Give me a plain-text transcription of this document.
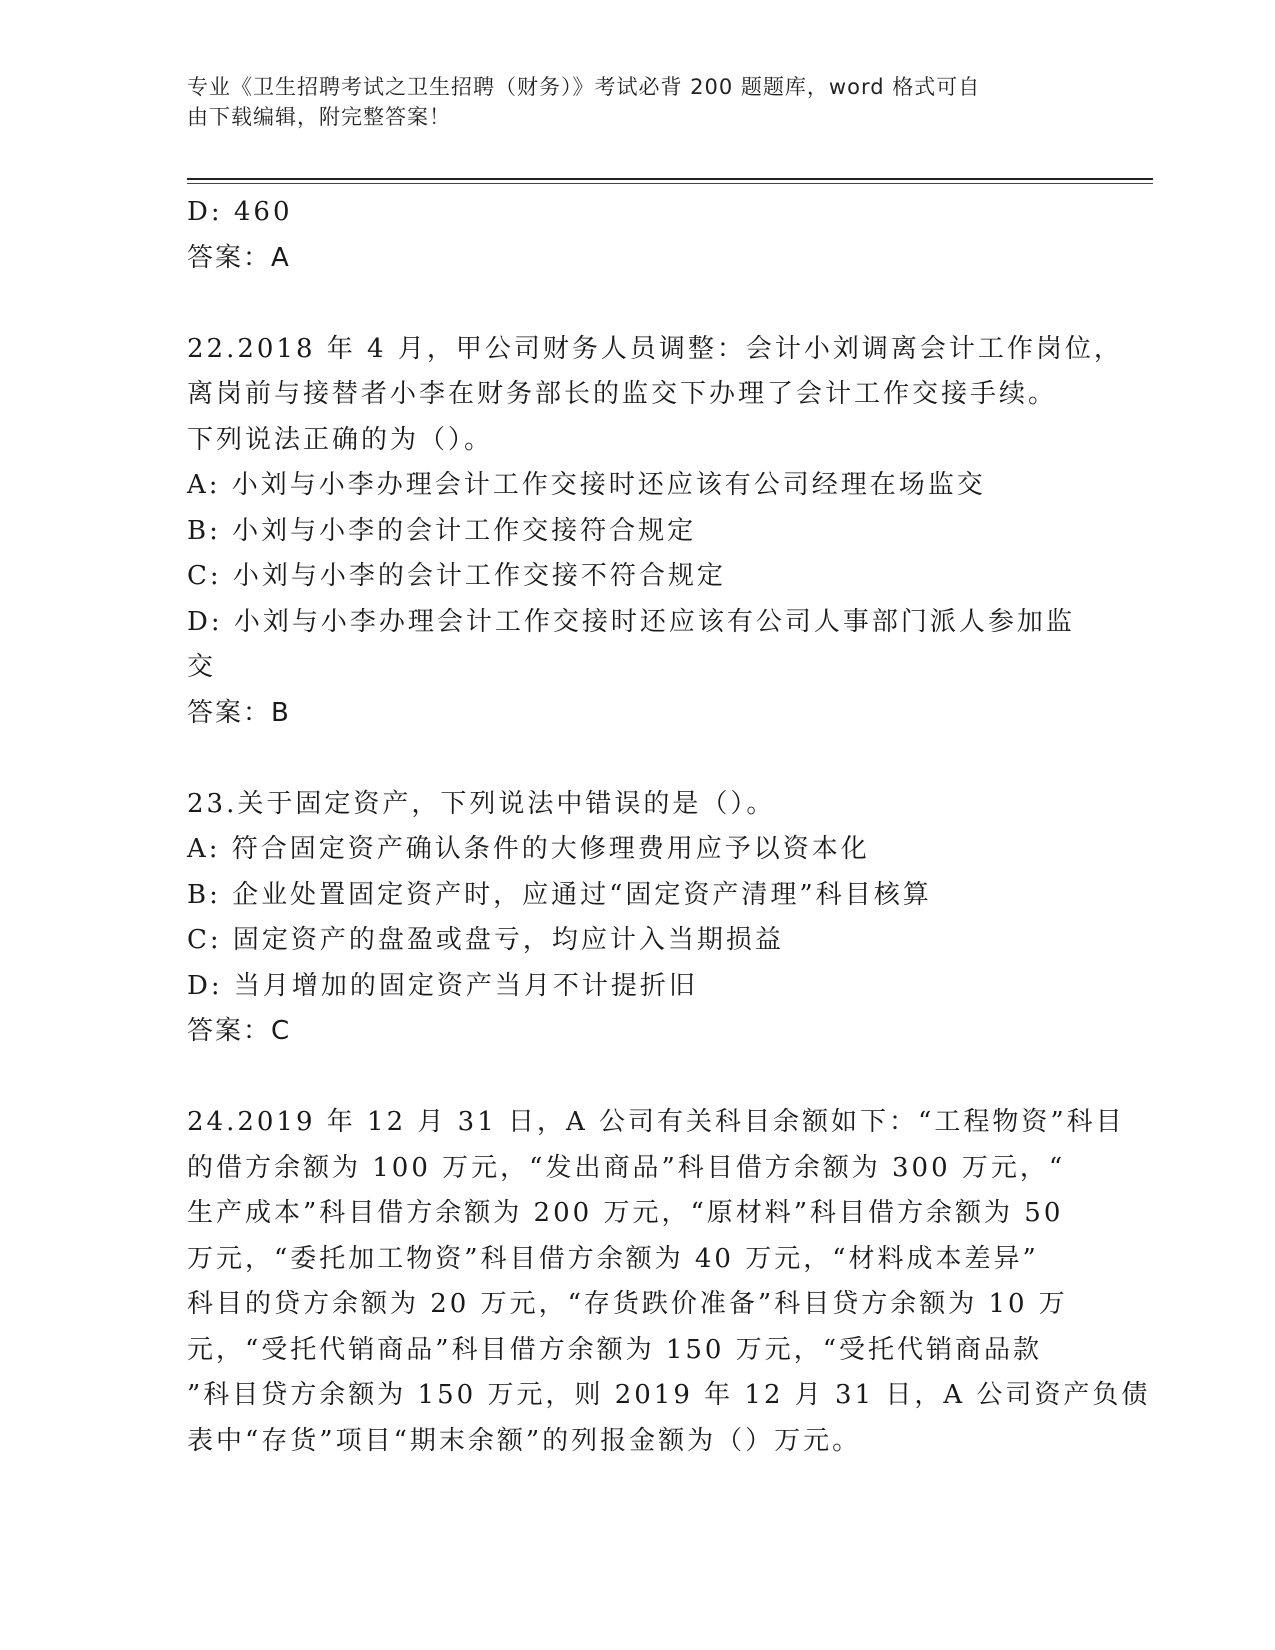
专业《卫生招聘考试之卫生招聘（财务）》考试必背 200 题题库，word 格式可自
由下载编辑，附完整答案！
D: 460
答案：A
22.2018 年 4 月，甲公司财务人员调整：会计小刘调离会计工作岗位，
离岗前与接替者小李在财务部长的监交下办理了会计工作交接手续。
下列说法正确的为（）。
A: 小刘与小李办理会计工作交接时还应该有公司经理在场监交
B: 小刘与小李的会计工作交接符合规定
C: 小刘与小李的会计工作交接不符合规定
D: 小刘与小李办理会计工作交接时还应该有公司人事部门派人参加监
交
答案：B
23.关于固定资产，下列说法中错误的是（）。
A: 符合固定资产确认条件的大修理费用应予以资本化
B: 企业处置固定资产时，应通过“固定资产清理”科目核算
C: 固定资产的盘盈或盘亏，均应计入当期损益
D: 当月增加的固定资产当月不计提折旧
答案：C
24.2019 年 12 月 31 日，A 公司有关科目余额如下：“工程物资”科目
的借方余额为 100 万元，“发出商品”科目借方余额为 300 万元，“
生产成本”科目借方余额为 200 万元，“原材料”科目借方余额为 50
万元，“委托加工物资”科目借方余额为 40 万元，“材料成本差异”
科目的贷方余额为 20 万元，“存货跌价准备”科目贷方余额为 10 万
元，“受托代销商品”科目借方余额为 150 万元，“受托代销商品款
”科目贷方余额为 150 万元，则 2019 年 12 月 31 日，A 公司资产负债
表中“存货”项目“期末余额”的列报金额为（）万元。
